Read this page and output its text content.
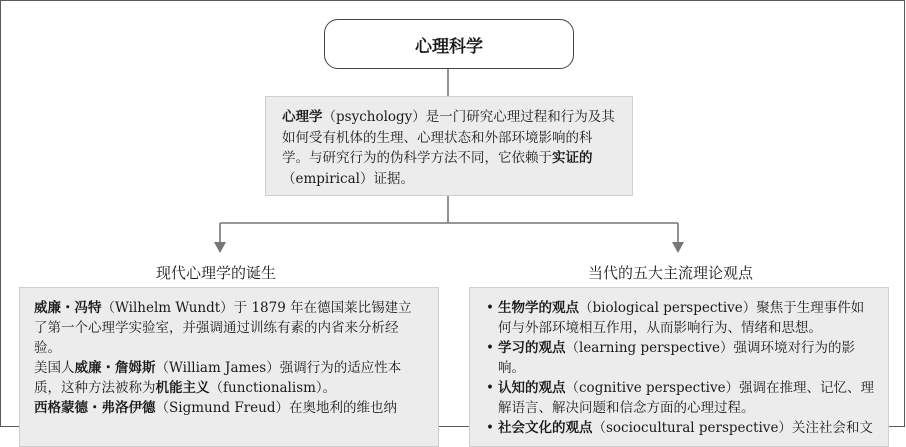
心理科学
心理学（psychology）是一门研究心理过程和行为及其如何受有机体的生理、心理状态和外部环境影响的科学。与研究行为的伪科学方法不同，它依赖于实证的（empirical）证据。
现代心理学的诞生	当代的五大主流理论观点

威廉・冯特（Wilhelm Wundt）于 1879 年在德国莱比锡建立了第一个心理学实验室，并强调通过训练有素的内省来分析经验。

美国人威廉・詹姆斯（William James）强调行为的适应性本质，这种方法被称为机能主义（functionalism）。

西格蒙德・弗洛伊德（Sigmund Freud）在奥地利的维也纳

• 生物学的观点（biological perspective）聚焦于生理事件如何与外部环境相互作用，从而影响行为、情绪和思想。
• 学习的观点（learning perspective）强调环境对行为的影响。
• 认知的观点（cognitive perspective）强调在推理、记忆、理解语言、解决问题和信念方面的心理过程。
• 社会文化的观点（sociocultural perspective）关注社会和文
